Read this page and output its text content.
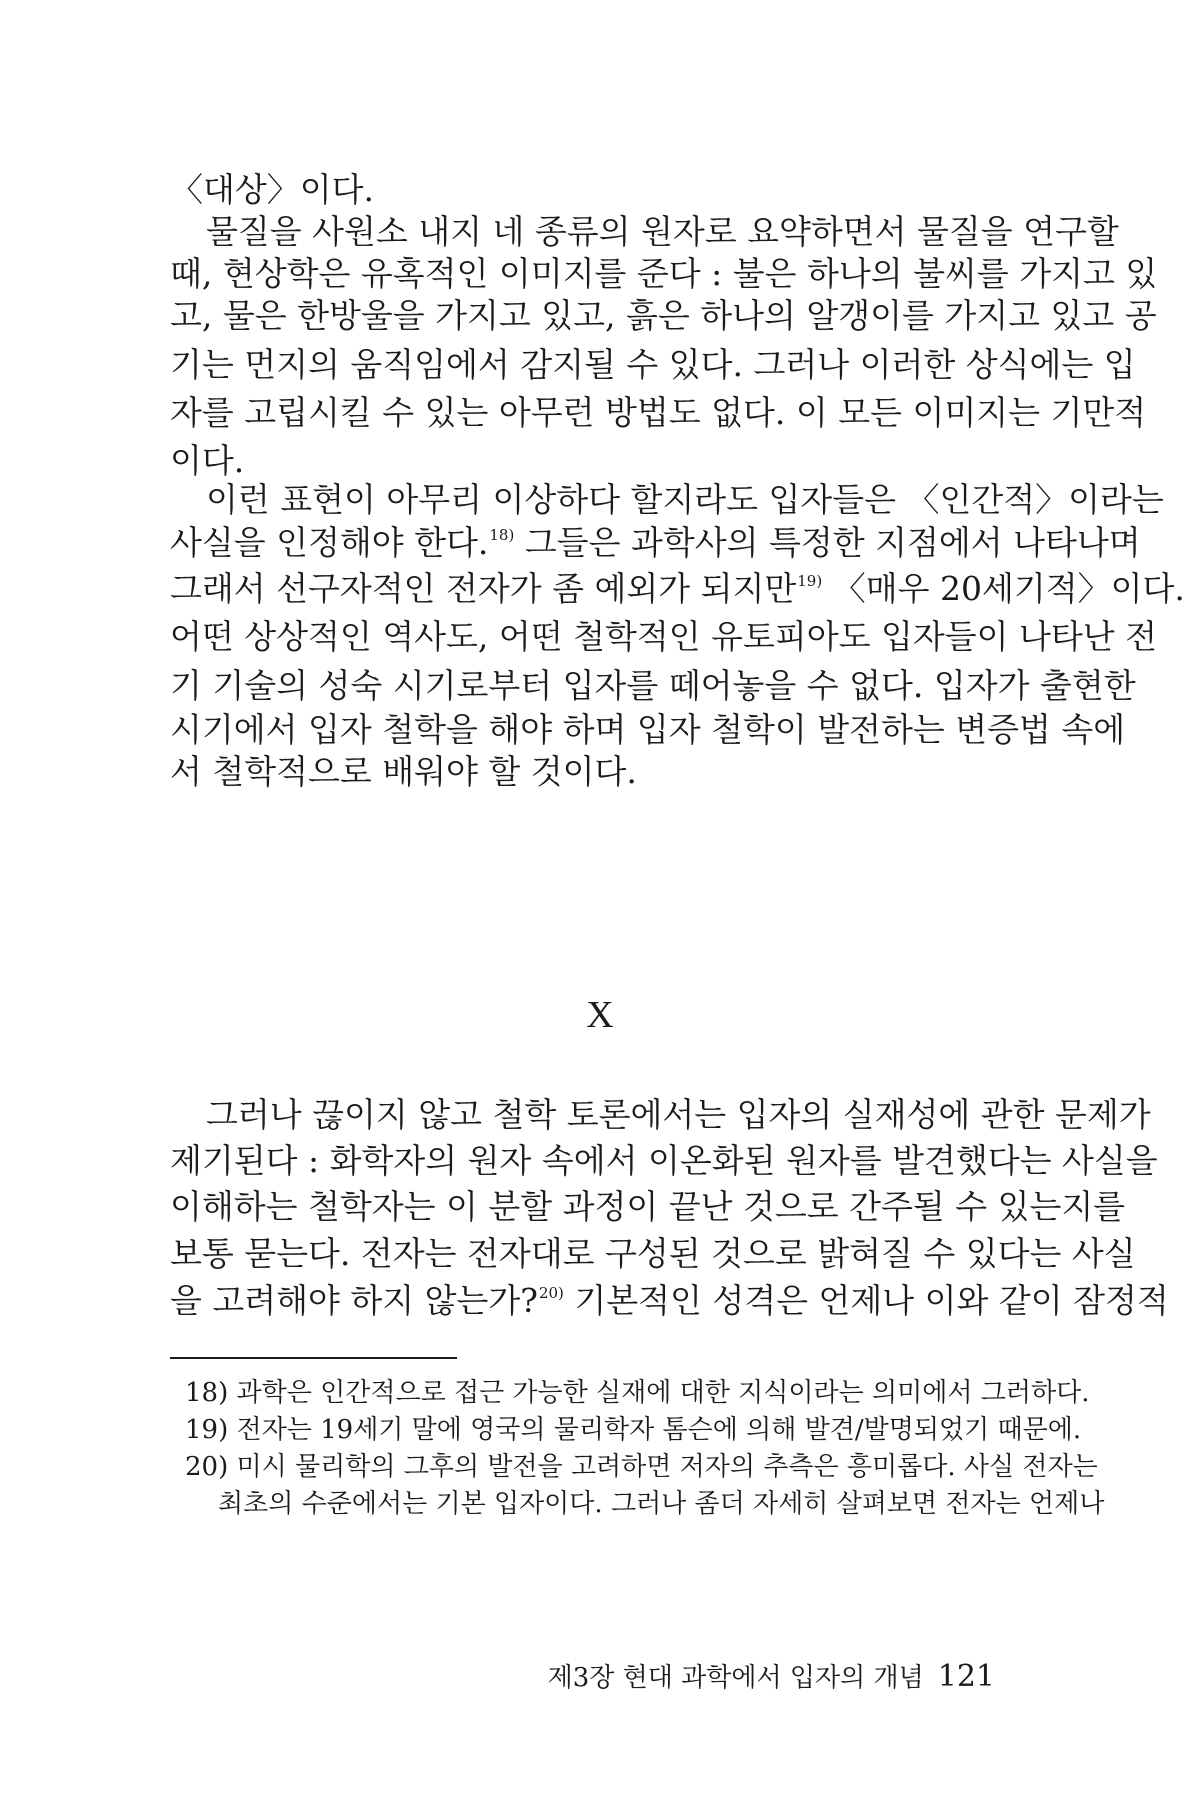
〈대상〉이다.
물질을 사원소 내지 네 종류의 원자로 요약하면서 물질을 연구할
때, 현상학은 유혹적인 이미지를 준다 : 불은 하나의 불씨를 가지고 있
고, 물은 한방울을 가지고 있고, 흙은 하나의 알갱이를 가지고 있고 공
기는 먼지의 움직임에서 감지될 수 있다. 그러나 이러한 상식에는 입
자를 고립시킬 수 있는 아무런 방법도 없다. 이 모든 이미지는 기만적
이다.
이런 표현이 아무리 이상하다 할지라도 입자들은 〈인간적〉이라는
사실을 인정해야 한다.$^{18)}$ 그들은 과학사의 특정한 지점에서 나타나며
그래서 선구자적인 전자가 좀 예외가 되지만$^{19)}$ 〈매우 20세기적〉이다.
어떤 상상적인 역사도, 어떤 철학적인 유토피아도 입자들이 나타난 전
기 기술의 성숙 시기로부터 입자를 떼어놓을 수 없다. 입자가 출현한
시기에서 입자 철학을 해야 하며 입자 철학이 발전하는 변증법 속에
서 철학적으로 배워야 할 것이다.
X
그러나 끊이지 않고 철학 토론에서는 입자의 실재성에 관한 문제가
제기된다 : 화학자의 원자 속에서 이온화된 원자를 발견했다는 사실을
이해하는 철학자는 이 분할 과정이 끝난 것으로 간주될 수 있는지를
보통 묻는다. 전자는 전자대로 구성된 것으로 밝혀질 수 있다는 사실
을 고려해야 하지 않는가?$^{20)}$ 기본적인 성격은 언제나 이와 같이 잠정적
18) 과학은 인간적으로 접근 가능한 실재에 대한 지식이라는 의미에서 그러하다.
19) 전자는 19세기 말에 영국의 물리학자 톰슨에 의해 발견/발명되었기 때문에.
20) 미시 물리학의 그후의 발전을 고려하면 저자의 추측은 흥미롭다. 사실 전자는
최초의 수준에서는 기본 입자이다. 그러나 좀더 자세히 살펴보면 전자는 언제나
제3장 현대 과학에서 입자의 개념 121
